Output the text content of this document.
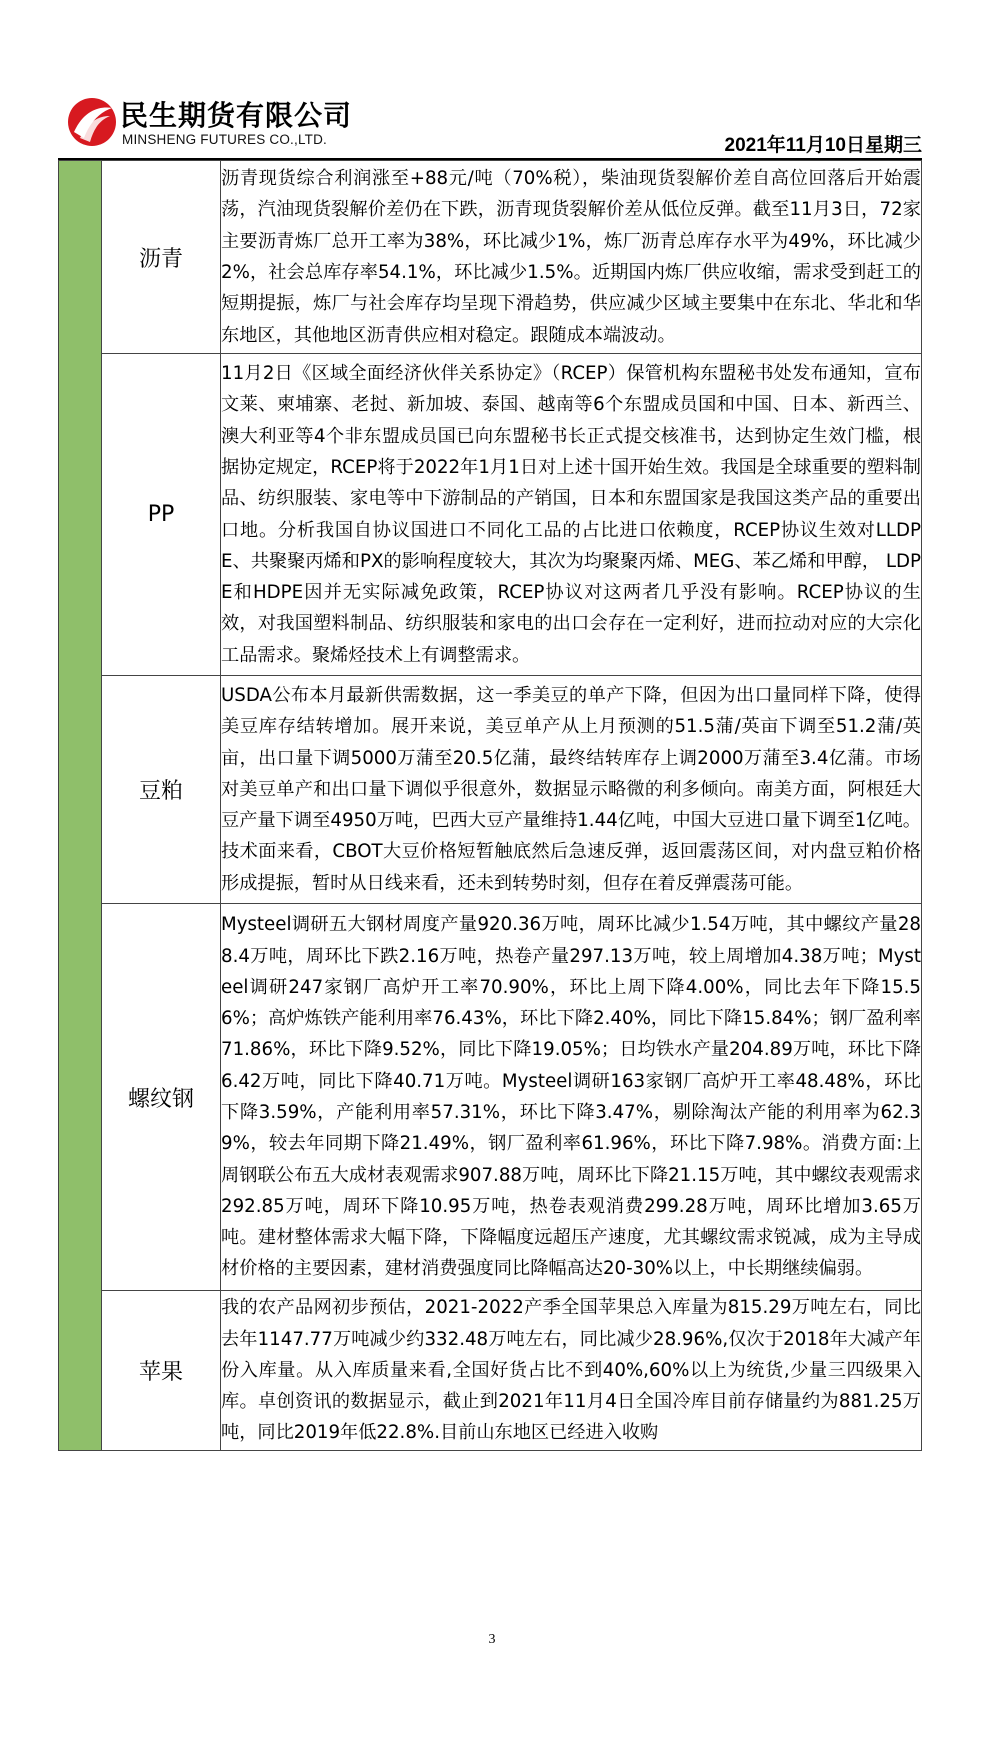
民生期货有限公司
MINSHENG FUTURES CO.,LTD.	2021年11月10日星期三
	沥青	沥青现货综合利润涨至+88元/吨（70%税），柴油现货裂解价差自高位回落后开始震荡，汽油现货裂解价差仍在下跌，沥青现货裂解价差从低位反弹。截至11月3日，72家主要沥青炼厂总开工率为38%，环比减少1%，炼厂沥青总库存水平为49%，环比减少2%，社会总库存率54.1%，环比减少1.5%。近期国内炼厂供应收缩，需求受到赶工的短期提振，炼厂与社会库存均呈现下滑趋势，供应减少区域主要集中在东北、华北和华东地区，其他地区沥青供应相对稳定。跟随成本端波动。
	PP	11月2日《区域全面经济伙伴关系协定》（RCEP）保管机构东盟秘书处发布通知，宣布文莱、柬埔寨、老挝、新加坡、泰国、越南等6个东盟成员国和中国、日本、新西兰、澳大利亚等4个非东盟成员国已向东盟秘书长正式提交核准书，达到协定生效门槛，根据协定规定，RCEP将于2022年1月1日对上述十国开始生效。我国是全球重要的塑料制品、纺织服装、家电等中下游制品的产销国，日本和东盟国家是我国这类产品的重要出口地。分析我国自协议国进口不同化工品的占比进口依赖度，RCEP协议生效对LLDPE、共聚聚丙烯和PX的影响程度较大，其次为均聚聚丙烯、MEG、苯乙烯和甲醇， LDPE和HDPE因并无实际减免政策，RCEP协议对这两者几乎没有影响。RCEP协议的生效，对我国塑料制品、纺织服装和家电的出口会存在一定利好，进而拉动对应的大宗化工品需求。聚烯烃技术上有调整需求。
	豆粕	USDA公布本月最新供需数据，这一季美豆的单产下降，但因为出口量同样下降，使得美豆库存结转增加。展开来说，美豆单产从上月预测的51.5蒲/英亩下调至51.2蒲/英亩，出口量下调5000万蒲至20.5亿蒲，最终结转库存上调2000万蒲至3.4亿蒲。市场对美豆单产和出口量下调似乎很意外，数据显示略微的利多倾向。南美方面，阿根廷大豆产量下调至4950万吨，巴西大豆产量维持1.44亿吨，中国大豆进口量下调至1亿吨。技术面来看，CBOT大豆价格短暂触底然后急速反弹，返回震荡区间，对内盘豆粕价格形成提振，暂时从日线来看，还未到转势时刻，但存在着反弹震荡可能。
	螺纹钢	Mysteel调研五大钢材周度产量920.36万吨，周环比减少1.54万吨，其中螺纹产量288.4万吨，周环比下跌2.16万吨，热卷产量297.13万吨，较上周增加4.38万吨；Mysteel调研247家钢厂高炉开工率70.90%，环比上周下降4.00%，同比去年下降15.56%；高炉炼铁产能利用率76.43%，环比下降2.40%，同比下降15.84%；钢厂盈利率71.86%，环比下降9.52%，同比下降19.05%；日均铁水产量204.89万吨，环比下降6.42万吨，同比下降40.71万吨。Mysteel调研163家钢厂高炉开工率48.48%，环比下降3.59%，产能利用率57.31%，环比下降3.47%，剔除淘汰产能的利用率为62.39%，较去年同期下降21.49%，钢厂盈利率61.96%，环比下降7.98%。消费方面:上周钢联公布五大成材表观需求907.88万吨，周环比下降21.15万吨，其中螺纹表观需求292.85万吨，周环下降10.95万吨，热卷表观消费299.28万吨，周环比增加3.65万吨。建材整体需求大幅下降，下降幅度远超压产速度，尤其螺纹需求锐减，成为主导成材价格的主要因素，建材消费强度同比降幅高达20-30%以上，中长期继续偏弱。
	苹果	我的农产品网初步预估，2021-2022产季全国苹果总入库量为815.29万吨左右，同比去年1147.77万吨减少约332.48万吨左右，同比减少28.96%,仅次于2018年大减产年份入库量。从入库质量来看,全国好货占比不到40%,60%以上为统货,少量三四级果入库。卓创资讯的数据显示，截止到2021年11月4日全国冷库目前存储量约为881.25万吨，同比2019年低22.8%.目前山东地区已经进入收购
3
